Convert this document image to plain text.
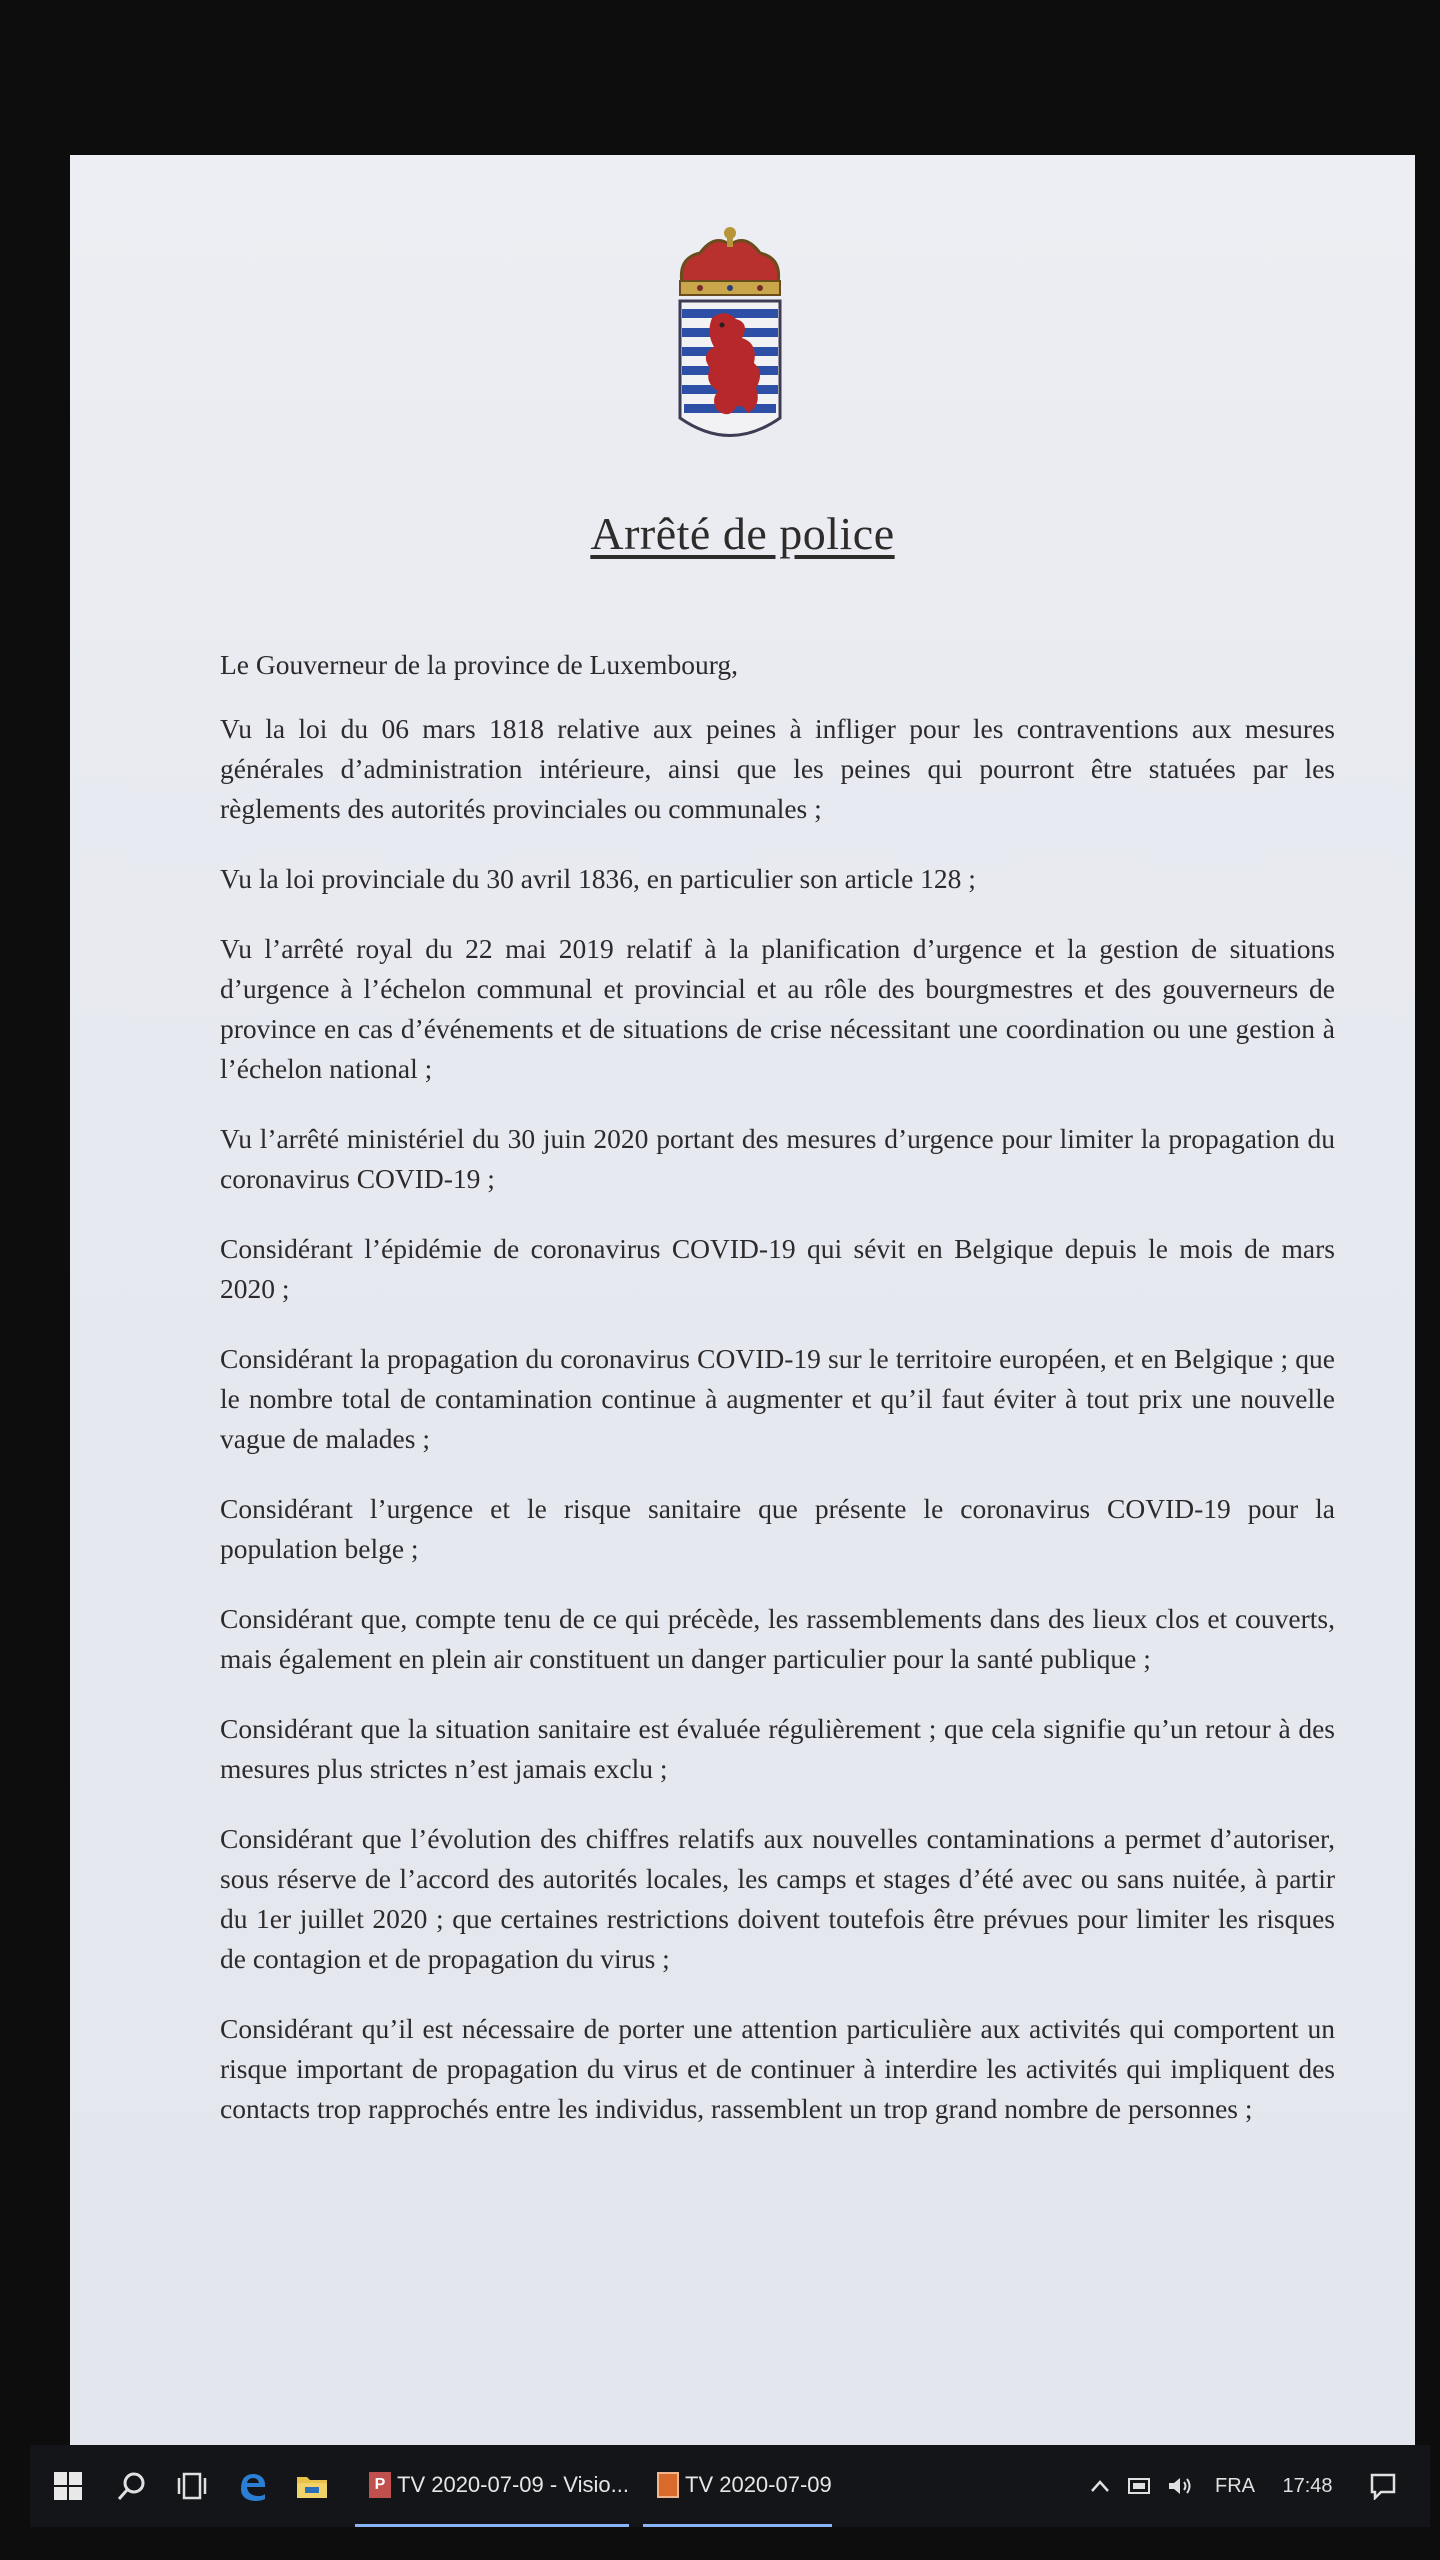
Arrêté de police

Le Gouverneur de la province de Luxembourg,

Vu la loi du 06 mars 1818 relative aux peines à infliger pour les contraventions aux mesures générales d’administration intérieure, ainsi que les peines qui pourront être statuées par les règlements des autorités provinciales ou communales ;

Vu la loi provinciale du 30 avril 1836, en particulier son article 128 ;

Vu l’arrêté royal du 22 mai 2019 relatif à la planification d’urgence et la gestion de situations d’urgence à l’échelon communal et provincial et au rôle des bourgmestres et des gouverneurs de province en cas d’événements et de situations de crise nécessitant une coordination ou une gestion à l’échelon national ;

Vu l’arrêté ministériel du 30 juin 2020 portant des mesures d’urgence pour limiter la propagation du coronavirus COVID-19 ;

Considérant l’épidémie de coronavirus COVID-19 qui sévit en Belgique depuis le mois de mars 2020 ;

Considérant la propagation du coronavirus COVID-19 sur le territoire européen, et en Belgique ; que le nombre total de contamination continue à augmenter et qu’il faut éviter à tout prix une nouvelle vague de malades ;

Considérant l’urgence et le risque sanitaire que présente le coronavirus COVID-19 pour la population belge ;

Considérant que, compte tenu de ce qui précède, les rassemblements dans des lieux clos et couverts, mais également en plein air constituent un danger particulier pour la santé publique ;

Considérant que la situation sanitaire est évaluée régulièrement ; que cela signifie qu’un retour à des mesures plus strictes n’est jamais exclu ;

Considérant que l’évolution des chiffres relatifs aux nouvelles contaminations a permet d’autoriser, sous réserve de l’accord des autorités locales, les camps et stages d’été avec ou sans nuitée, à partir du 1er juillet 2020 ; que certaines restrictions doivent toutefois être prévues pour limiter les risques de contagion et de propagation du virus ;

Considérant qu’il est nécessaire de porter une attention particulière aux activités qui comportent un risque important de propagation du virus et de continuer à interdire les activités qui impliquent des contacts trop rapprochés entre les individus, rassemblent un trop grand nombre de personnes ;

P TV 2020-07-09 - Visio...	TV 2020-07-09	FRA 17:48
